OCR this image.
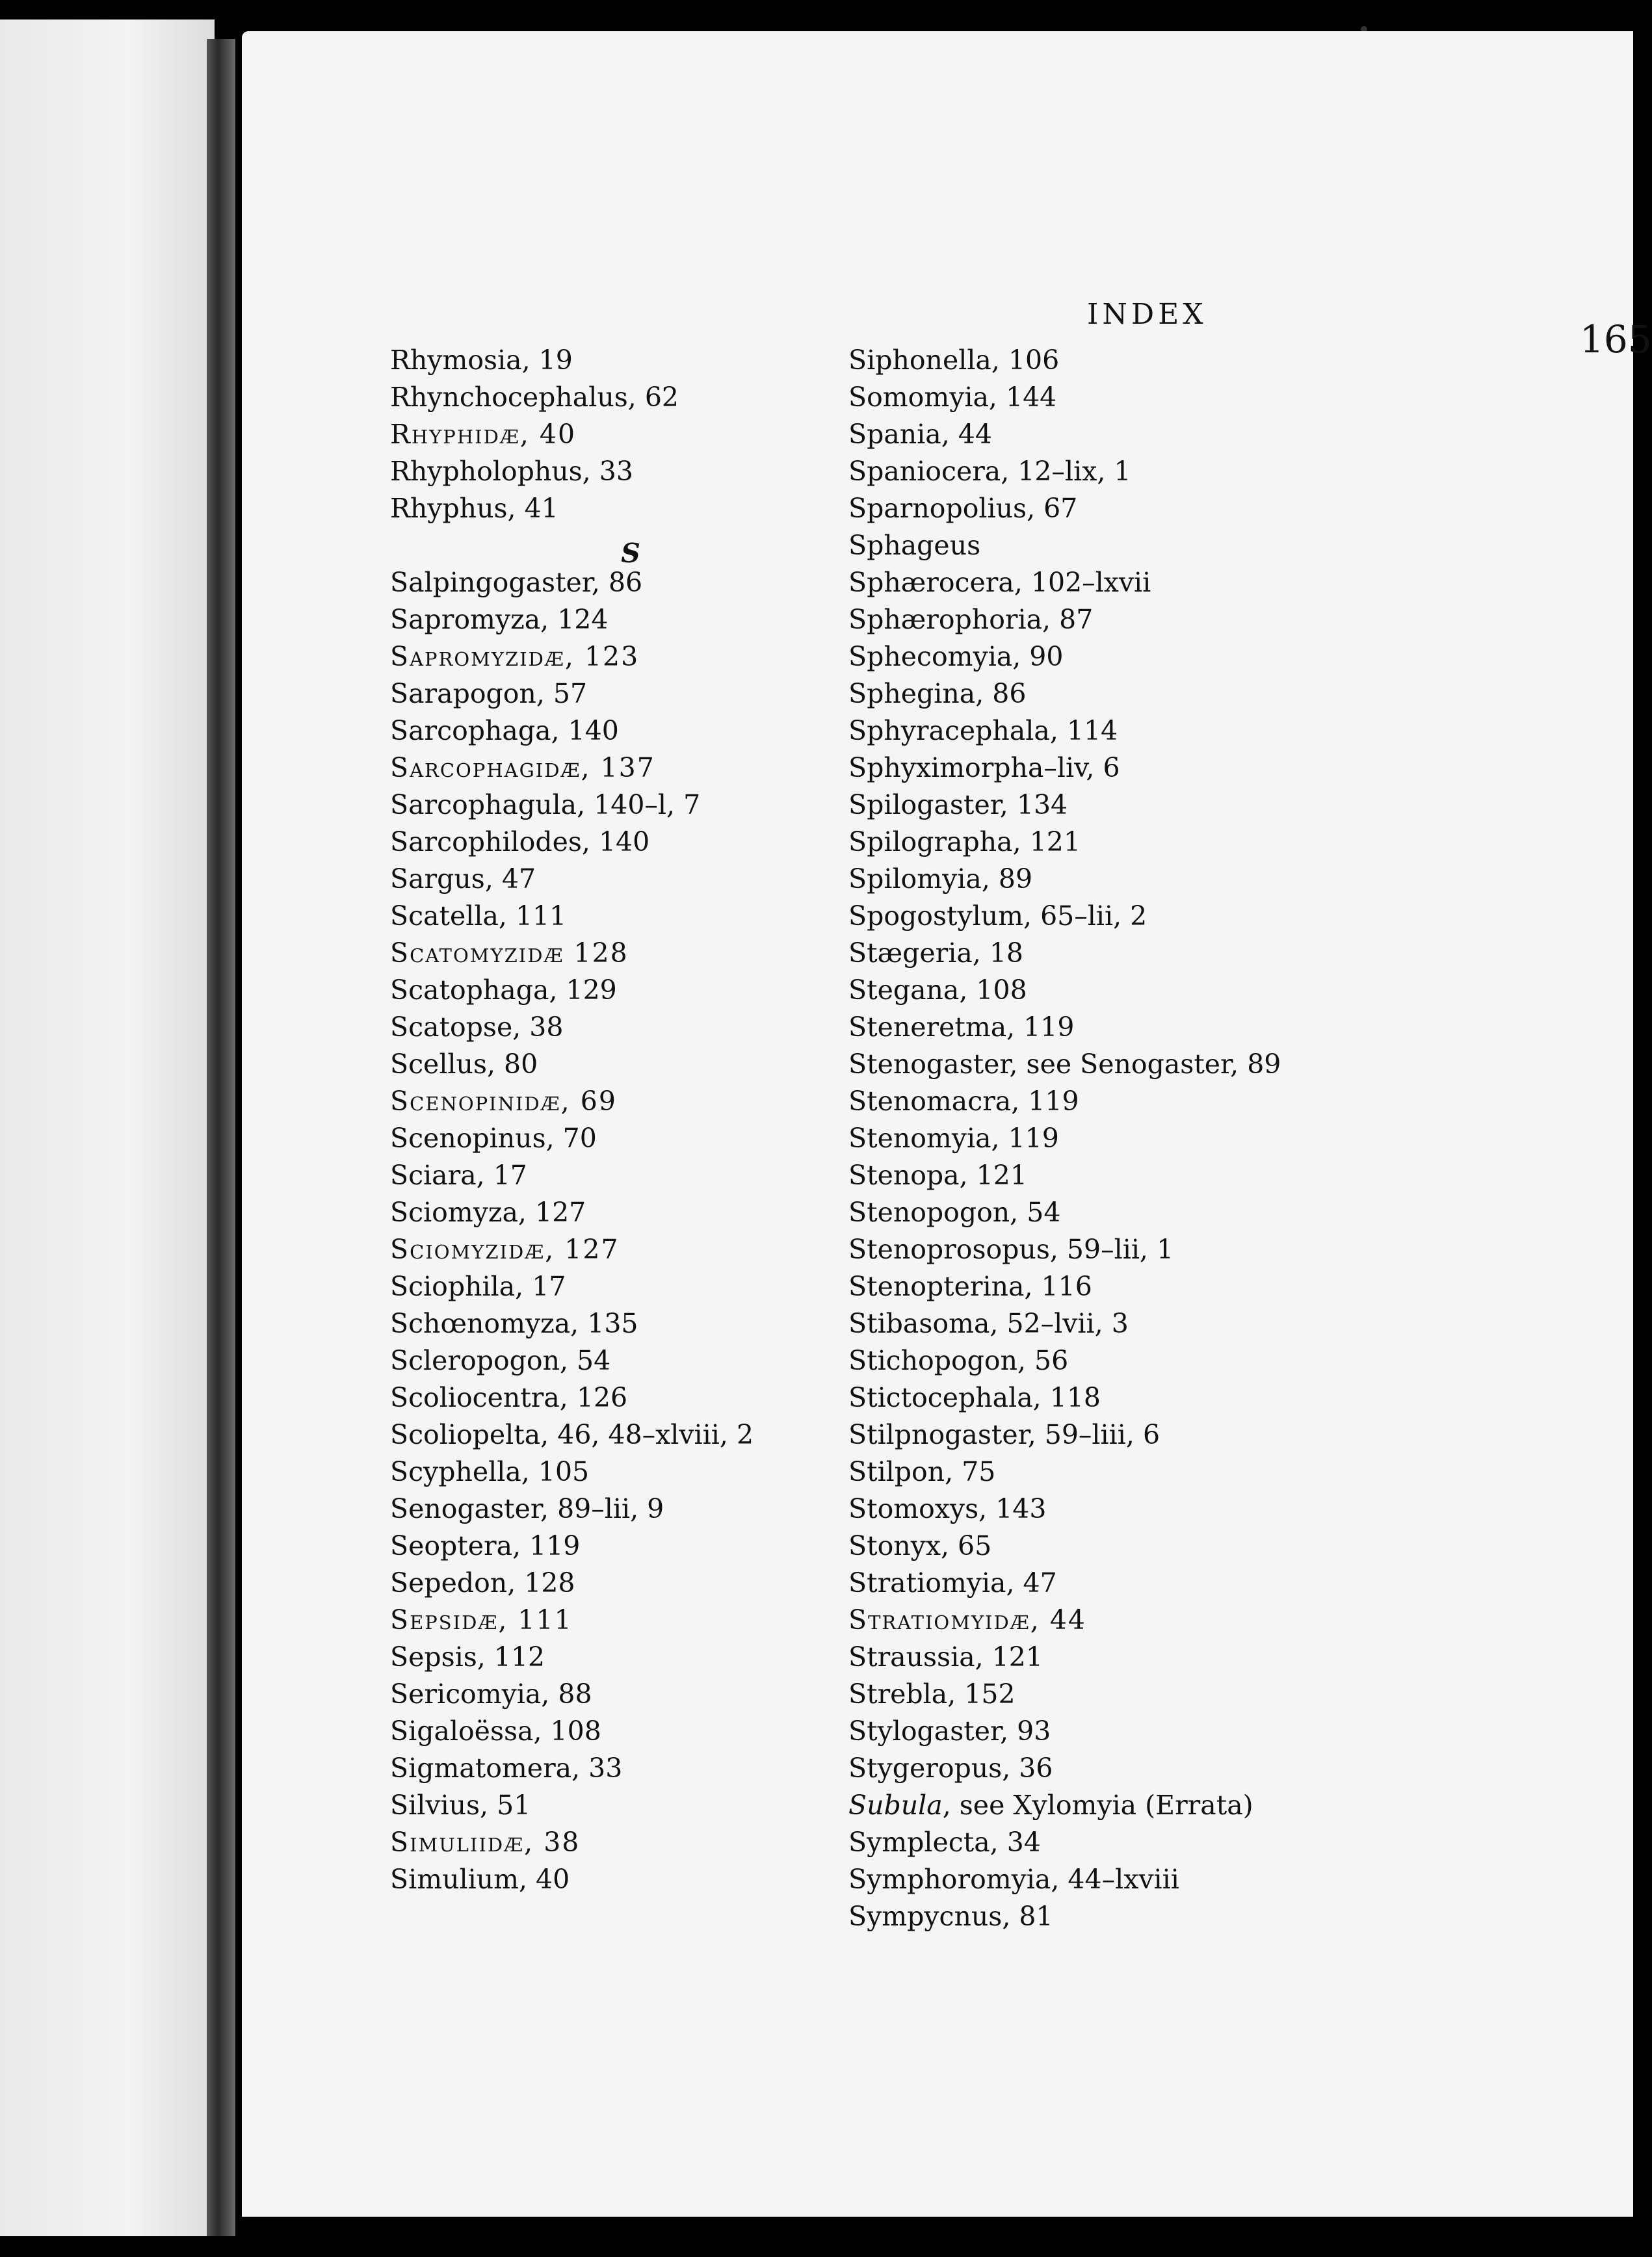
INDEX
165
Rhymosia, 19
Rhynchocephalus, 62
Rhyphidæ, 40
Rhypholophus, 33
Rhyphus, 41
S
Salpingogaster, 86
Sapromyza, 124
Sapromyzidæ, 123
Sarapogon, 57
Sarcophaga, 140
Sarcophagidæ, 137
Sarcophagula, 140–l, 7
Sarcophilodes, 140
Sargus, 47
Scatella, 111
Scatomyzidæ 128
Scatophaga, 129
Scatopse, 38
Scellus, 80
Scenopinidæ, 69
Scenopinus, 70
Sciara, 17
Sciomyza, 127
Sciomyzidæ, 127
Sciophila, 17
Schœnomyza, 135
Scleropogon, 54
Scoliocentra, 126
Scoliopelta, 46, 48–xlviii, 2
Scyphella, 105
Senogaster, 89–lii, 9
Seoptera, 119
Sepedon, 128
Sepsidæ, 111
Sepsis, 112
Sericomyia, 88
Sigaloëssa, 108
Sigmatomera, 33
Silvius, 51
Simuliidæ, 38
Simulium, 40
Siphonella, 106
Somomyia, 144
Spania, 44
Spaniocera, 12–lix, 1
Sparnopolius, 67
Sphageus
Sphærocera, 102–lxvii
Sphærophoria, 87
Sphecomyia, 90
Sphegina, 86
Sphyracephala, 114
Sphyximorpha–liv, 6
Spilogaster, 134
Spilographa, 121
Spilomyia, 89
Spogostylum, 65–lii, 2
Stægeria, 18
Stegana, 108
Steneretma, 119
Stenogaster, see Senogaster, 89
Stenomacra, 119
Stenomyia, 119
Stenopa, 121
Stenopogon, 54
Stenoprosopus, 59–lii, 1
Stenopterina, 116
Stibasoma, 52–lvii, 3
Stichopogon, 56
Stictocephala, 118
Stilpnogaster, 59–liii, 6
Stilpon, 75
Stomoxys, 143
Stonyx, 65
Stratiomyia, 47
Stratiomyidæ, 44
Straussia, 121
Strebla, 152
Stylogaster, 93
Stygeropus, 36
Subula, see Xylomyia (Errata)
Symplecta, 34
Symphoromyia, 44–lxviii
Sympycnus, 81
